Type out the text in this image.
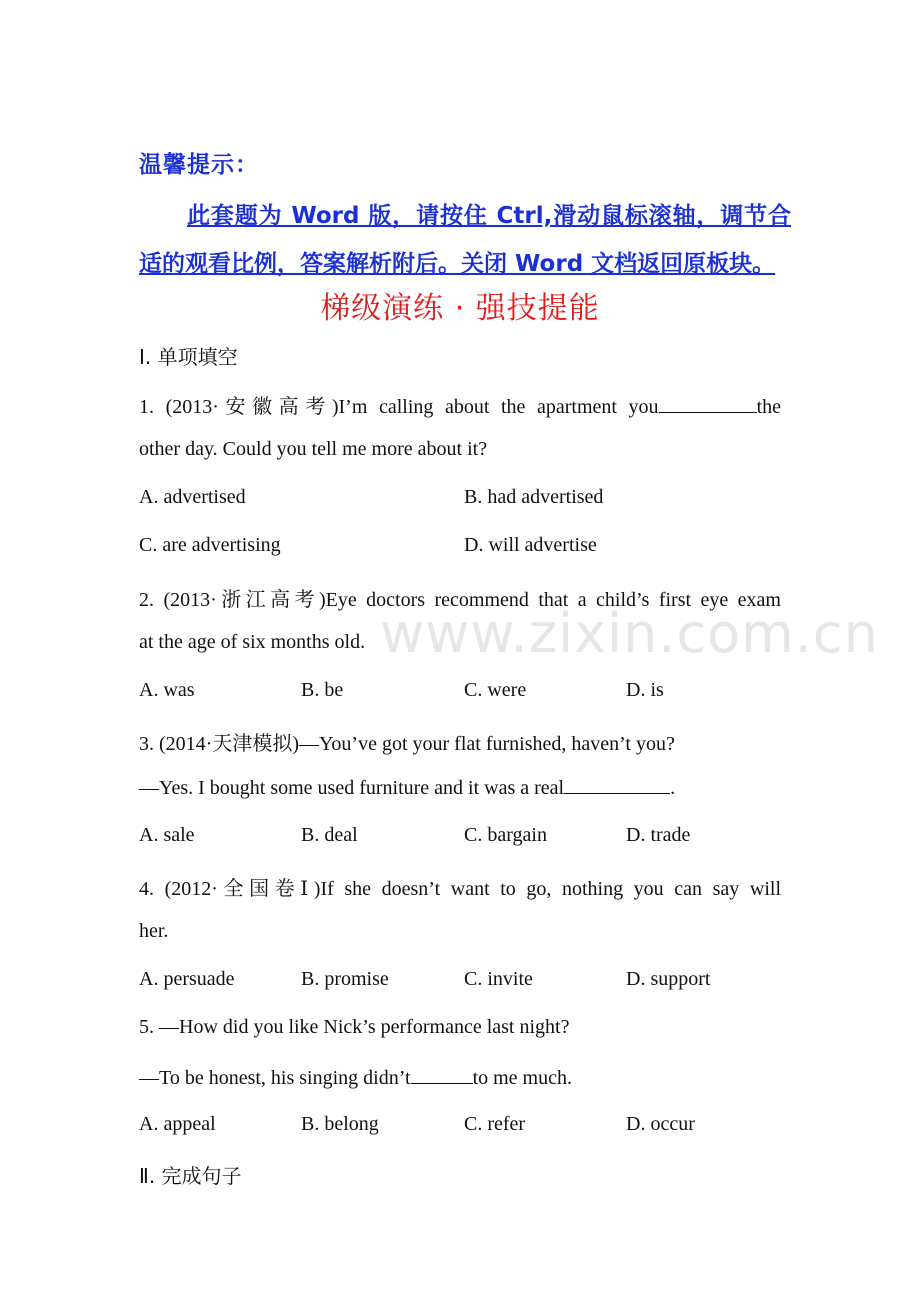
温馨提示：
此套题为 Word 版，请按住 Ctrl,滑动鼠标滚轴，调节合适的观看比例，答案解析附后。关闭 Word 文档返回原板块。
梯级演练 · 强技提能
Ⅰ. 单项填空
1. (2013·安徽高考)I’m calling about the apartment you	the
other day. Could you tell me more about it?
A. advertised	B. had advertised
C. are advertising	D. will advertise
2. (2013·浙江高考)Eye doctors recommend that a child’s first eye exam
at the age of six months old.
A. was	B. be	C. were	D. is
3. (2014·天津模拟)—You’ve got your flat furnished, haven’t you?
—Yes. I bought some used furniture and it was a real	.
A. sale	B. deal	C. bargain	D. trade
4. (2012·全国卷Ⅰ)If she doesn’t want to go, nothing you can say will
her.
A. persuade	B. promise	C. invite	D. support
5. —How did you like Nick’s performance last night?
—To be honest, his singing didn’t	to me much.
A. appeal	B. belong	C. refer	D. occur
Ⅱ. 完成句子
www.zixin.com.cn
